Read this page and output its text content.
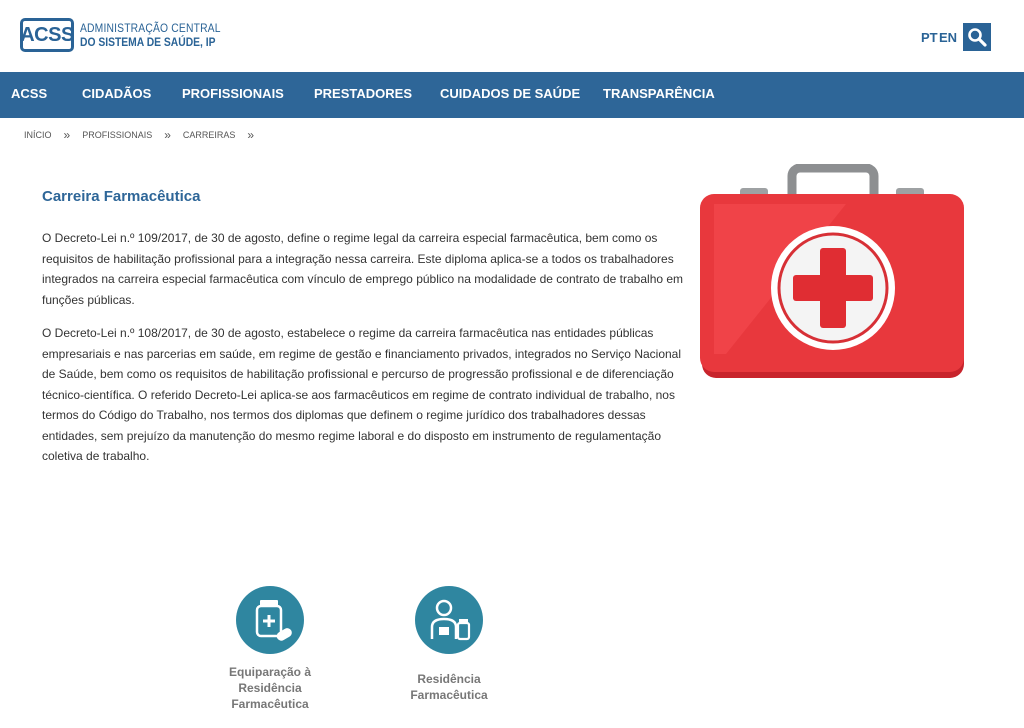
ACSS ADMINISTRAÇÃO CENTRAL
DO SISTEMA DE SAÚDE, IP	PT EN
ACSS	CIDADÃOS PROFISSIONAIS PRESTADORES CUIDADOS DE SAÚDE TRANSPARÊNCIA
INÍCIO » PROFISSIONAIS » CARREIRAS »
Carreira Farmacêutica

O Decreto-Lei n.º 109/2017, de 30 de agosto, define o regime legal da carreira especial farmacêutica, bem como os requisitos de habilitação profissional para a integração nessa carreira. Este diploma aplica-se a todos os trabalhadores integrados na carreira especial farmacêutica com vínculo de emprego público na modalidade de contrato de trabalho em funções públicas.

O Decreto-Lei n.º 108/2017, de 30 de agosto, estabelece o regime da carreira farmacêutica nas entidades públicas empresariais e nas parcerias em saúde, em regime de gestão e financiamento privados, integrados no Serviço Nacional de Saúde, bem como os requisitos de habilitação profissional e percurso de progressão profissional e de diferenciação técnico-científica. O referido Decreto-Lei aplica-se aos farmacêuticos em regime de contrato individual de trabalho, nos termos do Código do Trabalho, nos termos dos diplomas que definem o regime jurídico dos trabalhadores dessas entidades, sem prejuízo da manutenção do mesmo regime laboral e do disposto em instrumento de regulamentação coletiva de trabalho.

Equiparação à
Residência Farmacêutica
Residência Farmacêutica
